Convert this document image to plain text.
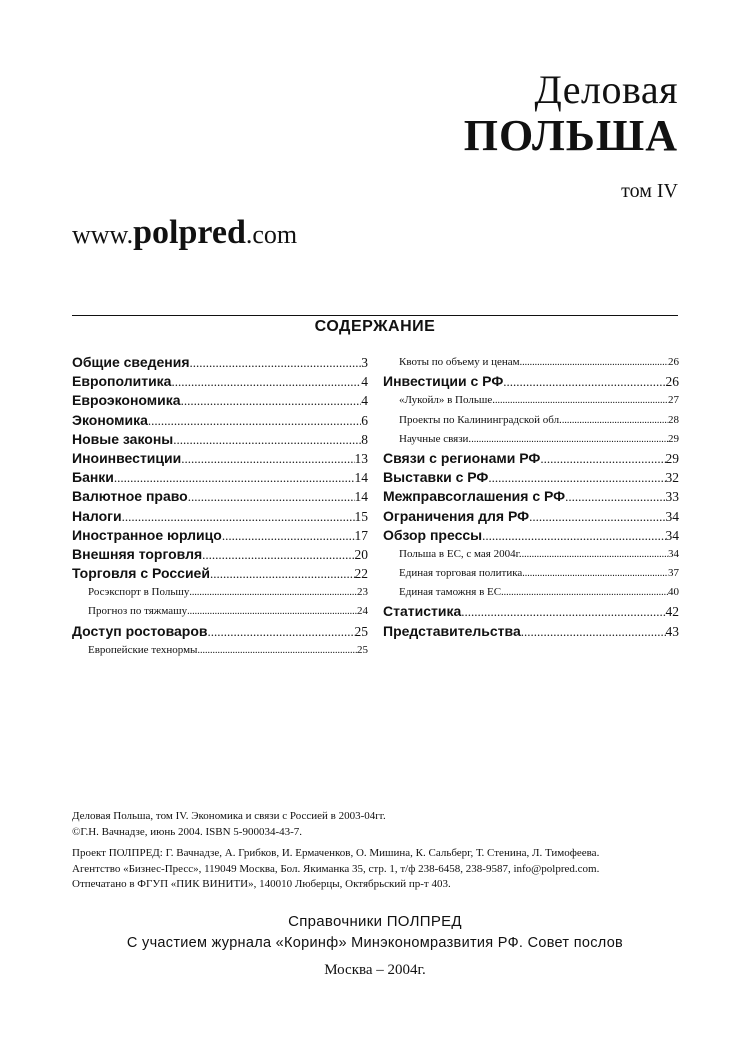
Деловая
ПОЛЬША
том IV
www.polpred.com
СОДЕРЖАНИЕ
Общие сведения .....	3
Европолитика .....	4
Евроэкономика .....	4
Экономика .....	6
Новые законы .....	8
Иноинвестиции .....	13
Банки .....	14
Валютное право .....	14
Налоги .....	15
Иностранное юрлицо .....	17
Внешняя торговля .....	20
Торговля с Россией .....	22
Росэкспорт в Польшу .....	23
Прогноз по тяжмашу .....	24
Доступ ростоваров .....	25
Европейские технормы .....	25
Квоты по объему и ценам .....	26
Инвестиции с РФ .....	26
«Лукойл» в Польше. .....	27
Проекты по Калининградской обл. .....	28
Научные связи. .....	29
Связи с регионами РФ .....	29
Выставки с РФ .....	32
Межправсоглашения с РФ .....	33
Ограничения для РФ .....	34
Обзор прессы .....	34
Польша в ЕС, с мая 2004г. .....	34
Единая торговая политика .....	37
Единая таможня в ЕС .....	40
Статистика .....	42
Представительства .....	43
Деловая Польша, том IV. Экономика и связи с Россией в 2003-04гг.
©Г.Н. Вачнадзе, июнь 2004. ISBN 5-900034-43-7.
Проект ПОЛПРЕД: Г. Вачнадзе, А. Грибков, И. Ермаченков, О. Мишина, К. Сальберг, Т. Стенина, Л. Тимофеева.
Агентство «Бизнес-Пресс», 119049 Москва, Бол. Якиманка 35, стр. 1, т/ф 238-6458, 238-9587, info@polpred.com.
Отпечатано в ФГУП «ПИК ВИНИТИ», 140010 Люберцы, Октябрьский пр-т 403.
Справочники ПОЛПРЕД
С участием журнала «Коринф» Минэкономразвития РФ. Совет послов
Москва – 2004г.
